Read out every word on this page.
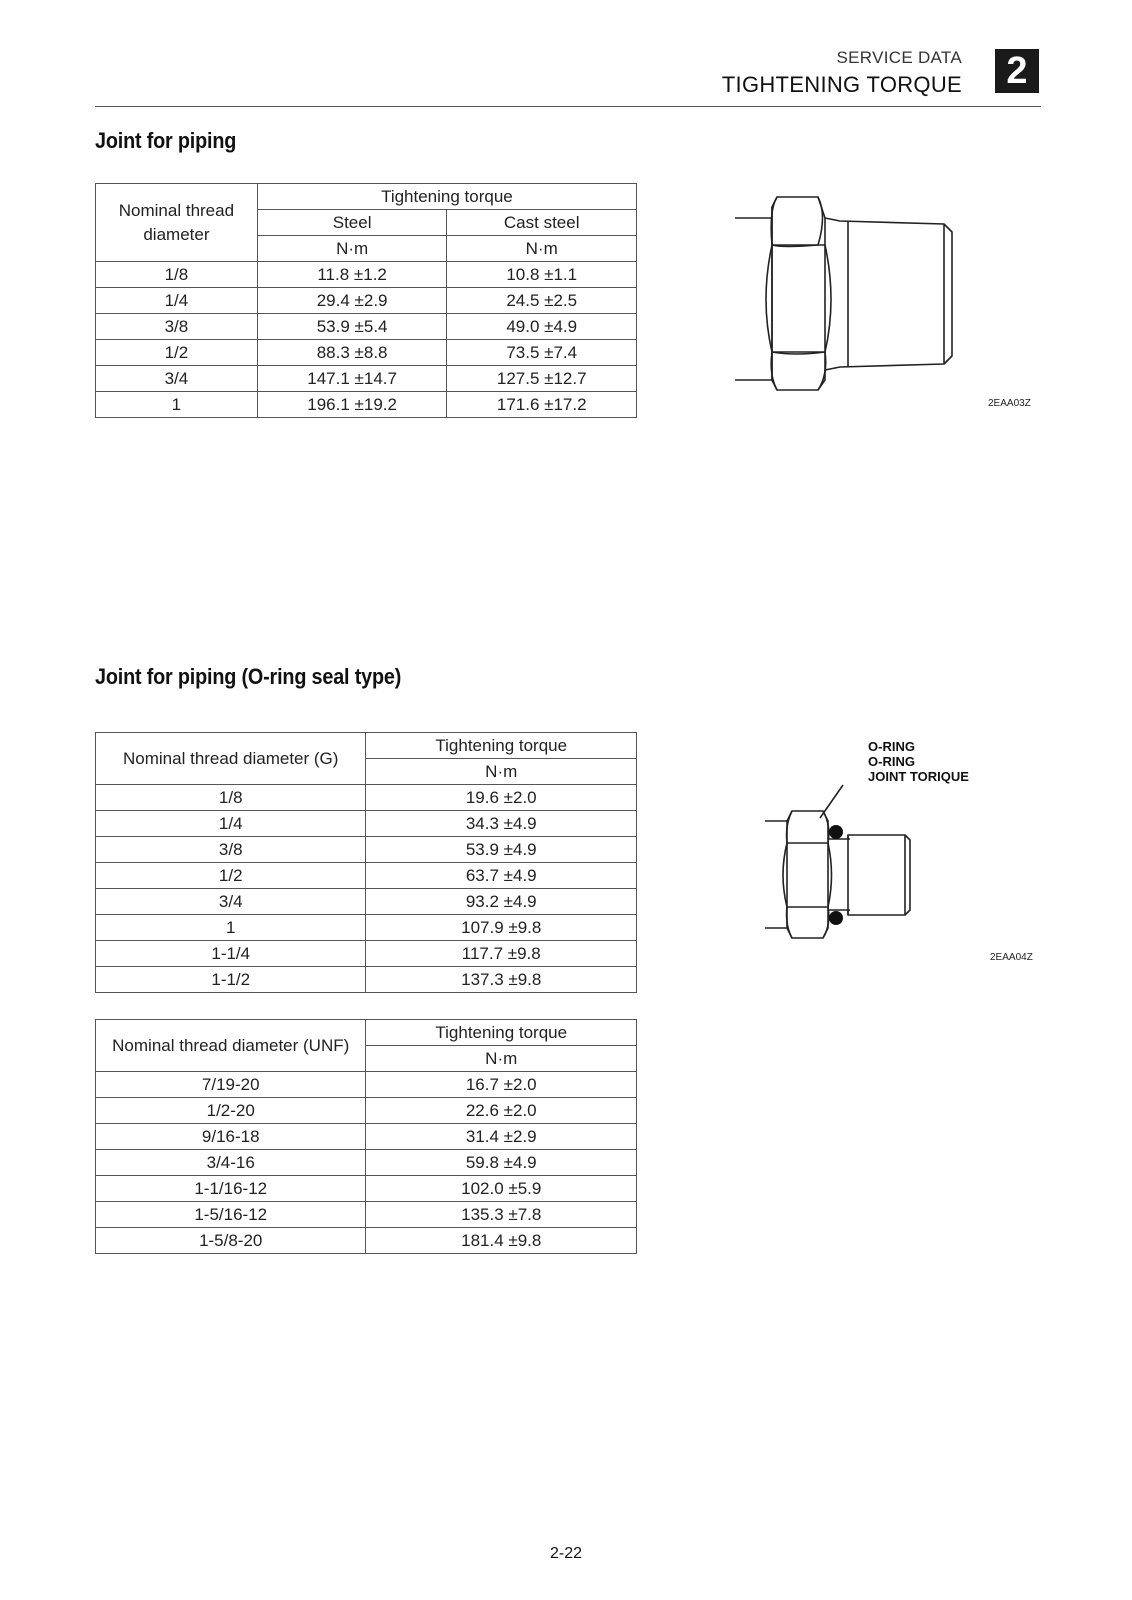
SERVICE DATA
TIGHTENING TORQUE	2
Joint for piping
Nominal thread diameter	Tightening torque	
	Steel	Cast steel
	N·m	N·m
1/8	11.8 ±1.2	10.8 ±1.1
1/4	29.4 ±2.9	24.5 ±2.5
3/8	53.9 ±5.4	49.0 ±4.9
1/2	88.3 ±8.8	73.5 ±7.4
3/4	147.1 ±14.7	127.5 ±12.7
1	196.1 ±19.2	171.6 ±17.2	2EAA03Z
Joint for piping (O-ring seal type)
Nominal thread diameter (G)	Tightening torque
	N·m
1/8	19.6 ±2.0
1/4	34.3 ±4.9
3/8	53.9 ±4.9
1/2	63.7 ±4.9
3/4	93.2 ±4.9
1	107.9 ±9.8
1-1/4	117.7 ±9.8
1-1/2	137.3 ±9.8
Nominal thread diameter (UNF)	Tightening torque
	N·m
7/19-20	16.7 ±2.0
1/2-20	22.6 ±2.0
9/16-18	31.4 ±2.9
3/4-16	59.8 ±4.9
1-1/16-12	102.0 ±5.9
1-5/16-12	135.3 ±7.8
1-5/8-20	181.4 ±9.8
O-RING
O-RING
JOINT TORIQUE
2EAA04Z
2-22
